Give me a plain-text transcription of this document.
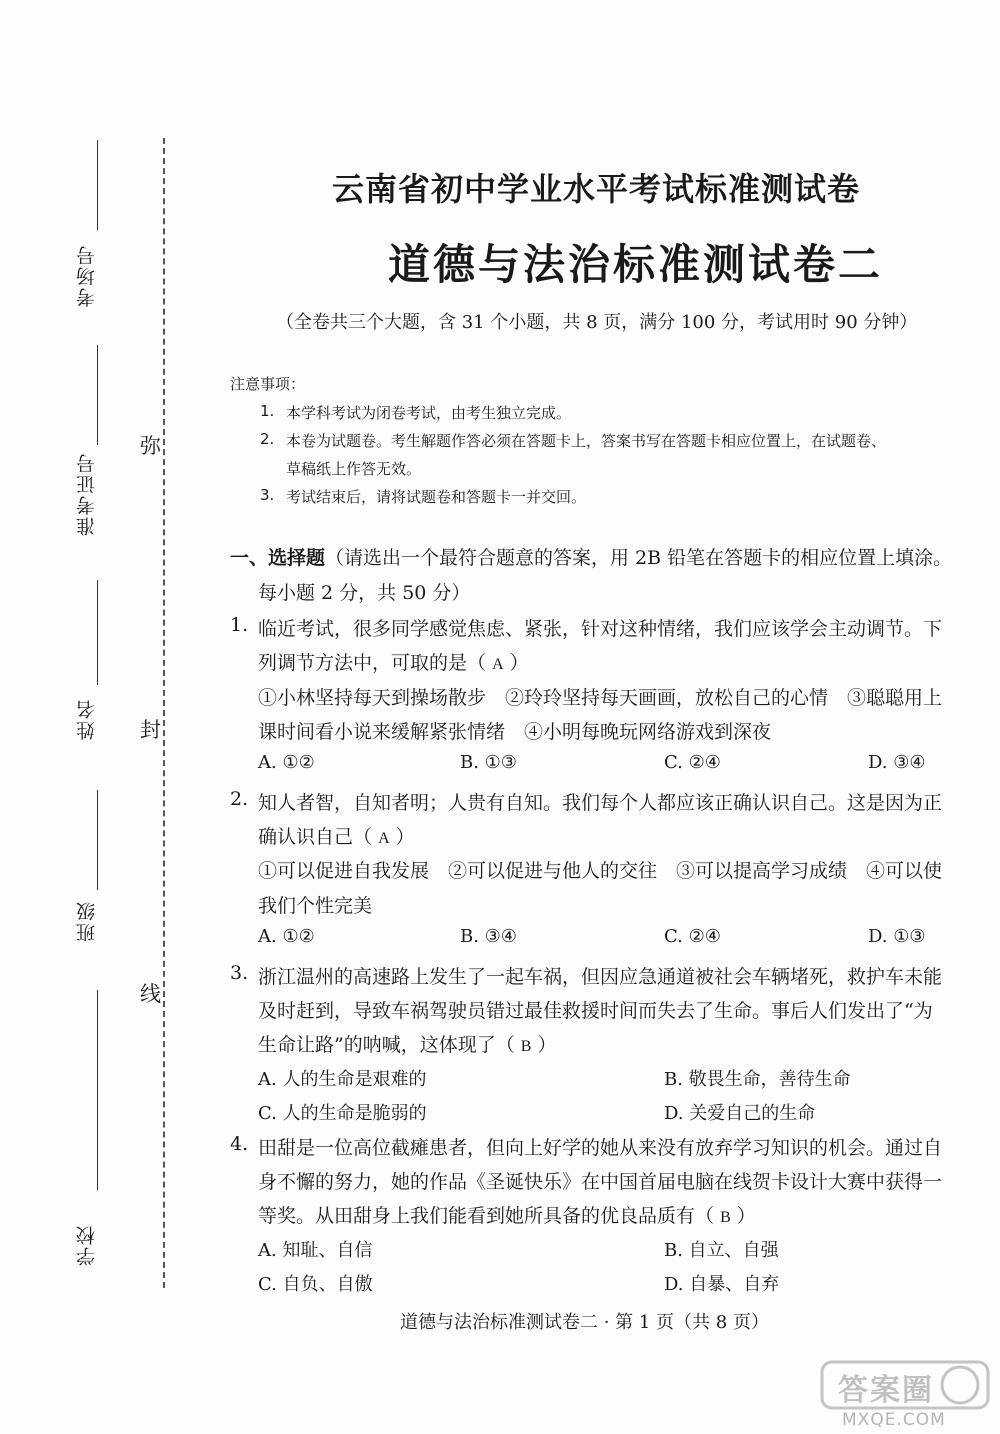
考场号
准考证号
姓名
班级
学校
弥
封
线
云南省初中学业水平考试标准测试卷
道德与法治标准测试卷二
（全卷共三个大题，含 31 个小题，共 8 页，满分 100 分，考试用时 90 分钟）
注意事项：
1. 本学科考试为闭卷考试，由考生独立完成。
2. 本卷为试题卷。考生解题作答必须在答题卡上，答案书写在答题卡相应位置上，在试题卷、
草稿纸上作答无效。
3. 考试结束后，请将试题卷和答题卡一并交回。
一、选择题（请选出一个最符合题意的答案，用 2B 铅笔在答题卡的相应位置上填涂。
每小题 2 分，共 50 分）
1. 临近考试，很多同学感觉焦虑、紧张，针对这种情绪，我们应该学会主动调节。下
列调节方法中，可取的是（ A ）
①小林坚持每天到操场散步　②玲玲坚持每天画画，放松自己的心情　③聪聪用上
课时间看小说来缓解紧张情绪　④小明每晚玩网络游戏到深夜
A. ①②	B. ①③	C. ②④	D. ③④
2. 知人者智，自知者明；人贵有自知。我们每个人都应该正确认识自己。这是因为正
确认识自己（ A ）
①可以促进自我发展　②可以促进与他人的交往　③可以提高学习成绩　④可以使
我们个性完美
A. ①②	B. ③④	C. ②④	D. ①③
3. 浙江温州的高速路上发生了一起车祸，但因应急通道被社会车辆堵死，救护车未能
及时赶到，导致车祸驾驶员错过最佳救援时间而失去了生命。事后人们发出了“为
生命让路”的呐喊，这体现了（ B ）
A. 人的生命是艰难的	B. 敬畏生命，善待生命
C. 人的生命是脆弱的	D. 关爱自己的生命
4. 田甜是一位高位截瘫患者，但向上好学的她从来没有放弃学习知识的机会。通过自
身不懈的努力，她的作品《圣诞快乐》在中国首届电脑在线贺卡设计大赛中获得一
等奖。从田甜身上我们能看到她所具备的优良品质有（ B ）
A. 知耻、自信	B. 自立、自强
C. 自负、自傲	D. 自暴、自弃
道德与法治标准测试卷二 · 第 1 页（共 8 页）
答案圈
MXQE.COM
